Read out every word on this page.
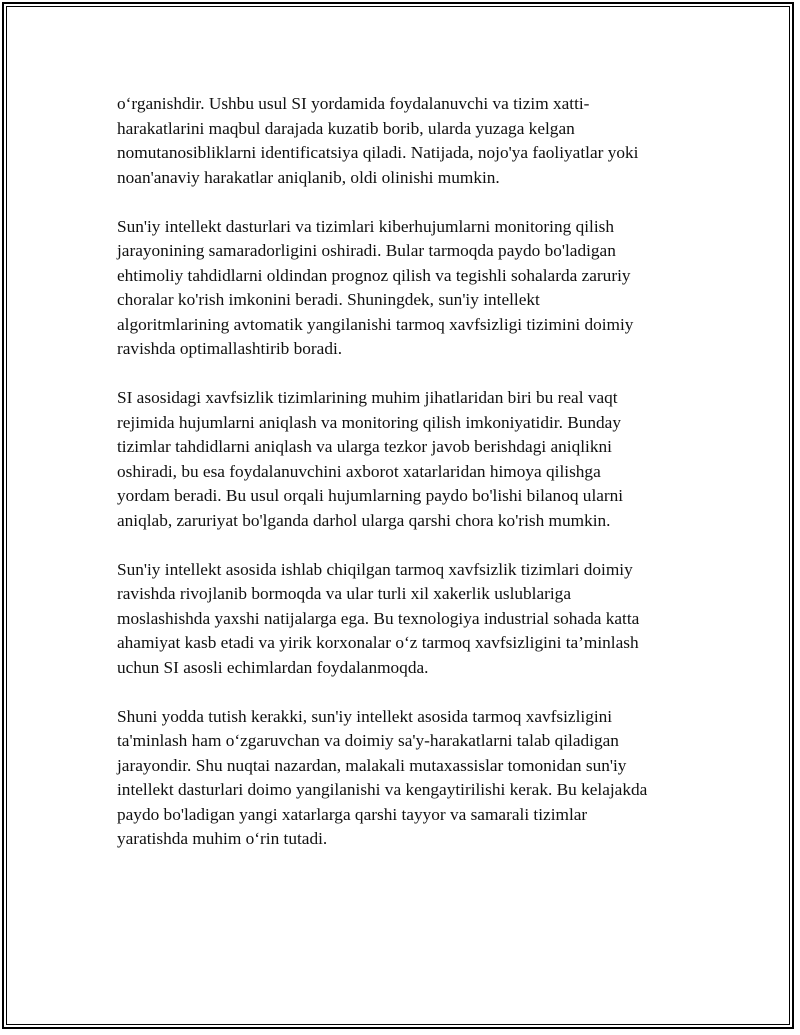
o‘rganishdir. Ushbu usul SI yordamida foydalanuvchi va tizim xatti-
harakatlarini maqbul darajada kuzatib borib, ularda yuzaga kelgan
nomutanosibliklarni identificatsiya qiladi. Natijada, nojo'ya faoliyatlar yoki
noan'anaviy harakatlar aniqlanib, oldi olinishi mumkin.

Sun'iy intellekt dasturlari va tizimlari kiberhujumlarni monitoring qilish
jarayonining samaradorligini oshiradi. Bular tarmoqda paydo bo'ladigan
ehtimoliy tahdidlarni oldindan prognoz qilish va tegishli sohalarda zaruriy
choralar ko'rish imkonini beradi. Shuningdek, sun'iy intellekt
algoritmlarining avtomatik yangilanishi tarmoq xavfsizligi tizimini doimiy
ravishda optimallashtirib boradi.

SI asosidagi xavfsizlik tizimlarining muhim jihatlaridan biri bu real vaqt
rejimida hujumlarni aniqlash va monitoring qilish imkoniyatidir. Bunday
tizimlar tahdidlarni aniqlash va ularga tezkor javob berishdagi aniqlikni
oshiradi, bu esa foydalanuvchini axborot xatarlaridan himoya qilishga
yordam beradi. Bu usul orqali hujumlarning paydo bo'lishi bilanoq ularni
aniqlab, zaruriyat bo'lganda darhol ularga qarshi chora ko'rish mumkin.

Sun'iy intellekt asosida ishlab chiqilgan tarmoq xavfsizlik tizimlari doimiy
ravishda rivojlanib bormoqda va ular turli xil xakerlik uslublariga
moslashishda yaxshi natijalarga ega. Bu texnologiya industrial sohada katta
ahamiyat kasb etadi va yirik korxonalar o‘z tarmoq xavfsizligini ta’minlash
uchun SI asosli echimlardan foydalanmoqda.

Shuni yodda tutish kerakki, sun'iy intellekt asosida tarmoq xavfsizligini
ta'minlash ham o‘zgaruvchan va doimiy sa'y-harakatlarni talab qiladigan
jarayondir. Shu nuqtai nazardan, malakali mutaxassislar tomonidan sun'iy
intellekt dasturlari doimo yangilanishi va kengaytirilishi kerak. Bu kelajakda
paydo bo'ladigan yangi xatarlarga qarshi tayyor va samarali tizimlar
yaratishda muhim o‘rin tutadi.
